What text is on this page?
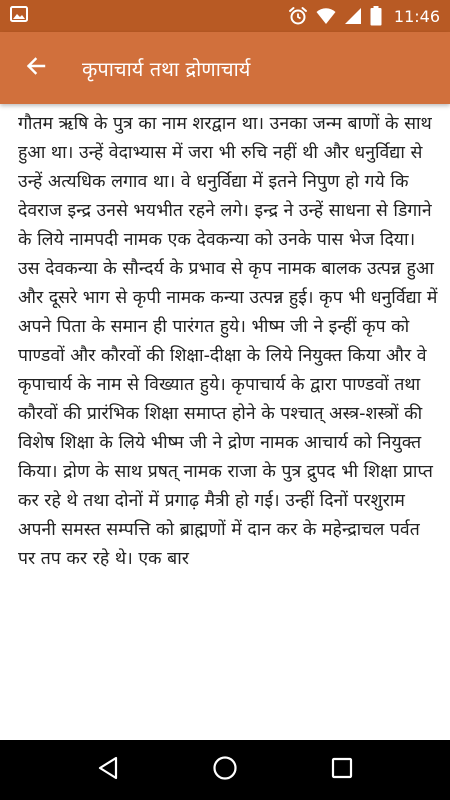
11:46
कृपाचार्य तथा द्रोणाचार्य

गौतम ऋषि के पुत्र का नाम शरद्वान था। उनका जन्म बाणों के साथ हुआ था। उन्हें वेदाभ्यास में जरा भी रुचि नहीं थी और धनुर्विद्या से उन्हें अत्यधिक लगाव था। वे धनुर्विद्या में इतने निपुण हो गये कि देवराज इन्द्र उनसे भयभीत रहने लगे। इन्द्र ने उन्हें साधना से डिगाने के लिये नामपदी नामक एक देवकन्या को उनके पास भेज दिया। उस देवकन्या के सौन्दर्य के प्रभाव से कृप नामक बालक उत्पन्न हुआ और दूसरे भाग से कृपी नामक कन्या उत्पन्न हुई। कृप भी धनुर्विद्या में अपने पिता के समान ही पारंगत हुये। भीष्म जी ने इन्हीं कृप को पाण्डवों और कौरवों की शिक्षा-दीक्षा के लिये नियुक्त किया और वे कृपाचार्य के नाम से विख्यात हुये। कृपाचार्य के द्वारा पाण्डवों तथा कौरवों की प्रारंभिक शिक्षा समाप्त होने के पश्चात् अस्त्र-शस्त्रों की विशेष शिक्षा के लिये भीष्म जी ने द्रोण नामक आचार्य को नियुक्त किया। द्रोण के साथ प्रषत् नामक राजा के पुत्र द्रुपद भी शिक्षा प्राप्त कर रहे थे तथा दोनों में प्रगाढ़ मैत्री हो गई। उन्हीं दिनों परशुराम अपनी समस्त सम्पत्ति को ब्राह्मणों में दान कर के महेन्द्राचल पर्वत पर तप कर रहे थे। एक बार
